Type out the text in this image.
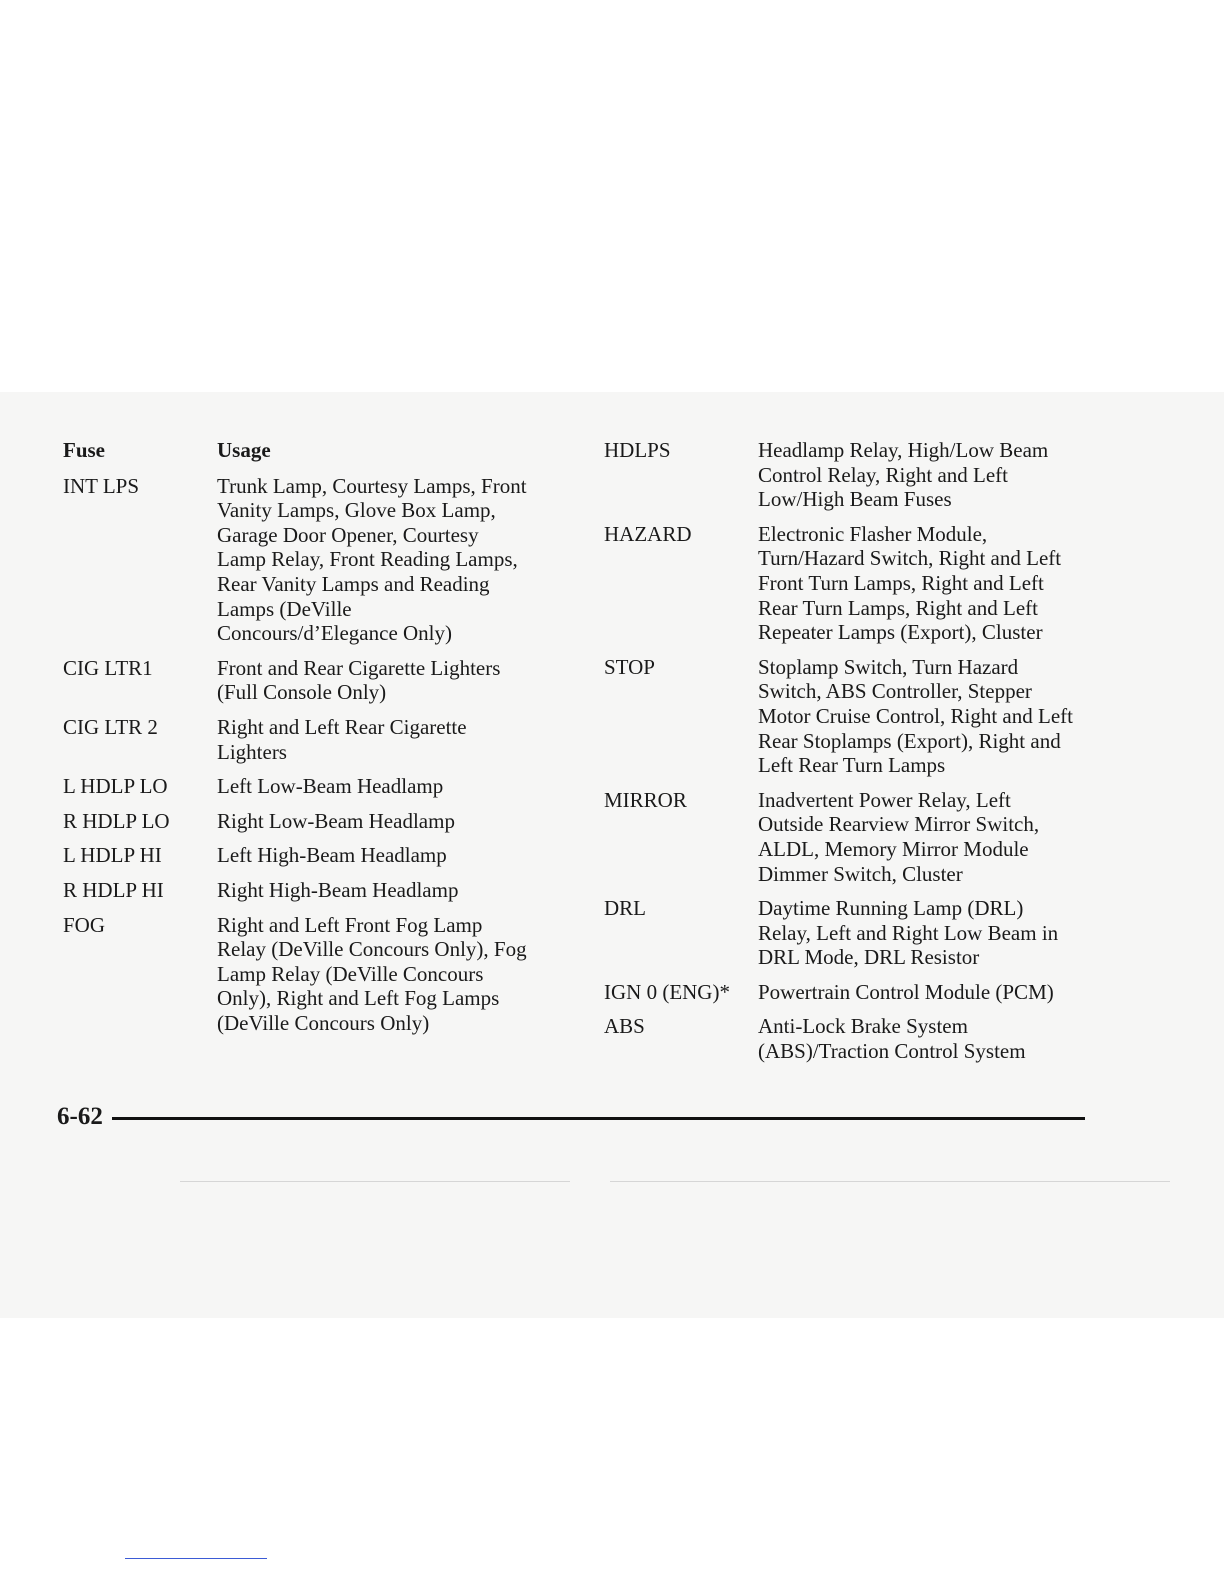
Fuse	Usage
INT LPS	Trunk Lamp, Courtesy Lamps, Front
Vanity Lamps, Glove Box Lamp,
Garage Door Opener, Courtesy
Lamp Relay, Front Reading Lamps,
Rear Vanity Lamps and Reading
Lamps (DeVille
Concours/d’Elegance Only)
CIG LTR1	Front and Rear Cigarette Lighters
(Full Console Only)
CIG LTR 2	Right and Left Rear Cigarette
Lighters
L HDLP LO	Left Low-Beam Headlamp
R HDLP LO	Right Low-Beam Headlamp
L HDLP HI	Left High-Beam Headlamp
R HDLP HI	Right High-Beam Headlamp
FOG	Right and Left Front Fog Lamp
Relay (DeVille Concours Only), Fog
Lamp Relay (DeVille Concours
Only), Right and Left Fog Lamps
(DeVille Concours Only)
HDLPS	Headlamp Relay, High/Low Beam
Control Relay, Right and Left
Low/High Beam Fuses
HAZARD	Electronic Flasher Module,
Turn/Hazard Switch, Right and Left
Front Turn Lamps, Right and Left
Rear Turn Lamps, Right and Left
Repeater Lamps (Export), Cluster
STOP	Stoplamp Switch, Turn Hazard
Switch, ABS Controller, Stepper
Motor Cruise Control, Right and Left
Rear Stoplamps (Export), Right and
Left Rear Turn Lamps
MIRROR	Inadvertent Power Relay, Left
Outside Rearview Mirror Switch,
ALDL, Memory Mirror Module
Dimmer Switch, Cluster
DRL	Daytime Running Lamp (DRL)
Relay, Left and Right Low Beam in
DRL Mode, DRL Resistor
IGN 0 (ENG)*	Powertrain Control Module (PCM)
ABS	Anti-Lock Brake System
(ABS)/Traction Control System
6-62
